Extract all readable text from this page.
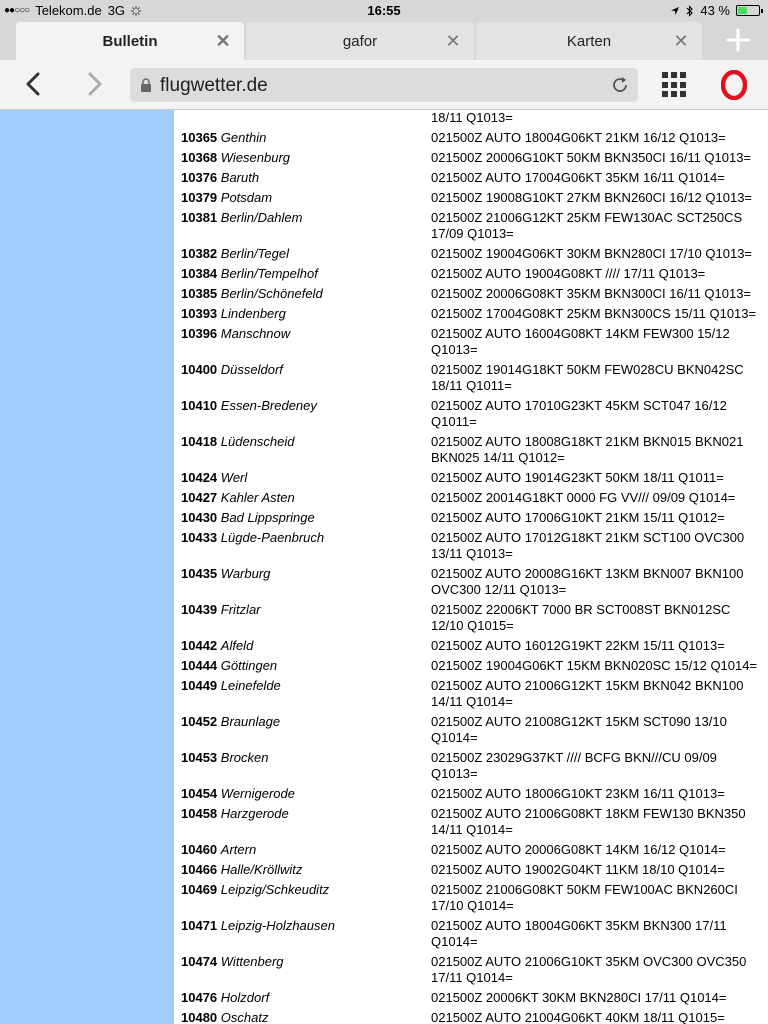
●●○○○ Telekom.de 3G	16:55	43 %
Bulletin	✕	gafor	✕	Karten	✕
flugwetter.de
18/11 Q1013=
10365 Genthin	021500Z AUTO 18004G06KT 21KM 16/12 Q1013=
10368 Wiesenburg	021500Z 20006G10KT 50KM BKN350CI 16/11 Q1013=
10376 Baruth	021500Z AUTO 17004G06KT 35KM 16/11 Q1014=
10379 Potsdam	021500Z 19008G10KT 27KM BKN260CI 16/12 Q1013=
10381 Berlin/Dahlem	021500Z 21006G12KT 25KM FEW130AC SCT250CS 17/09 Q1013=
10382 Berlin/Tegel	021500Z 19004G06KT 30KM BKN280CI 17/10 Q1013=
10384 Berlin/Tempelhof	021500Z AUTO 19004G08KT //// 17/11 Q1013=
10385 Berlin/Schönefeld	021500Z 20006G08KT 35KM BKN300CI 16/11 Q1013=
10393 Lindenberg	021500Z 17004G08KT 25KM BKN300CS 15/11 Q1013=
10396 Manschnow	021500Z AUTO 16004G08KT 14KM FEW300 15/12 Q1013=
10400 Düsseldorf	021500Z 19014G18KT 50KM FEW028CU BKN042SC 18/11 Q1011=
10410 Essen-Bredeney	021500Z AUTO 17010G23KT 45KM SCT047 16/12 Q1011=
10418 Lüdenscheid	021500Z AUTO 18008G18KT 21KM BKN015 BKN021 BKN025 14/11 Q1012=
10424 Werl	021500Z AUTO 19014G23KT 50KM 18/11 Q1011=
10427 Kahler Asten	021500Z 20014G18KT 0000 FG VV/// 09/09 Q1014=
10430 Bad Lippspringe	021500Z AUTO 17006G10KT 21KM 15/11 Q1012=
10433 Lügde-Paenbruch	021500Z AUTO 17012G18KT 21KM SCT100 OVC300 13/11 Q1013=
10435 Warburg	021500Z AUTO 20008G16KT 13KM BKN007 BKN100 OVC300 12/11 Q1013=
10439 Fritzlar	021500Z 22006KT 7000 BR SCT008ST BKN012SC 12/10 Q1015=
10442 Alfeld	021500Z AUTO 16012G19KT 22KM 15/11 Q1013=
10444 Göttingen	021500Z 19004G06KT 15KM BKN020SC 15/12 Q1014=
10449 Leinefelde	021500Z AUTO 21006G12KT 15KM BKN042 BKN100 14/11 Q1014=
10452 Braunlage	021500Z AUTO 21008G12KT 15KM SCT090 13/10 Q1014=
10453 Brocken	021500Z 23029G37KT //// BCFG BKN///CU 09/09 Q1013=
10454 Wernigerode	021500Z AUTO 18006G10KT 23KM 16/11 Q1013=
10458 Harzgerode	021500Z AUTO 21006G08KT 18KM FEW130 BKN350 14/11 Q1014=
10460 Artern	021500Z AUTO 20006G08KT 14KM 16/12 Q1014=
10466 Halle/Kröllwitz	021500Z AUTO 19002G04KT 11KM 18/10 Q1014=
10469 Leipzig/Schkeuditz	021500Z 21006G08KT 50KM FEW100AC BKN260CI 17/10 Q1014=
10471 Leipzig-Holzhausen	021500Z AUTO 18004G06KT 35KM BKN300 17/11 Q1014=
10474 Wittenberg	021500Z AUTO 21006G10KT 35KM OVC300 OVC350 17/11 Q1014=
10476 Holzdorf	021500Z 20006KT 30KM BKN280CI 17/11 Q1014=
10480 Oschatz	021500Z AUTO 21004G06KT 40KM 18/11 Q1015=
